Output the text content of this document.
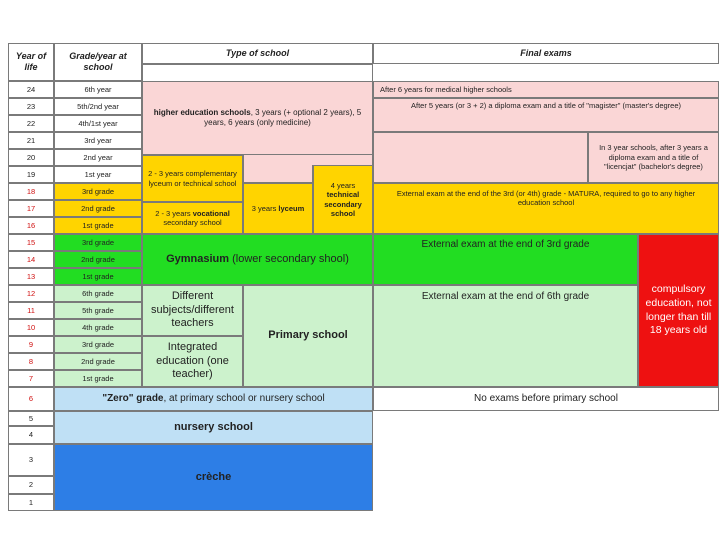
Year of life
Grade/year at school
Type of school	Final exams
24
23
22
21
20
19
18
17
16
15
14
13
12
11
10
9
8
7
6
5
4
3
2
1
6th year
5th/2nd year
4th/1st year
3rd year
2nd year
1st year
3rd grade
2nd grade
1st grade
3rd grade
2nd grade
1st grade
6th grade
5th grade
4th grade
3rd grade
2nd grade
1st grade
higher education schools, 3 years (+ optional 2 years), 5 years, 6 years (only medicine)
2 - 3 years complementary lyceum or technical school
2 - 3 years vocational secondary school
3 years lyceum
4 years technical secondary school
Gymnasium (lower secondary shool)
Different subjects/different teachers
Integrated education (one teacher)
Primary school
"Zero" grade, at primary school or nursery school
nursery school
crèche
After 6 years for medical higher schools
After 5 years (or 3 + 2) a diploma exam and a title of "magister" (master's degree)
In 3 year schools, after 3 years a diploma exam and a title of "licencjat" (bachelor's degree)
External exam at the end of the 3rd (or 4th) grade - MATURA, required to go to any higher education school
External exam at the end of 3rd grade
External exam at the end of 6th grade
compulsory education, not longer than till 18 years old
No exams before primary school
